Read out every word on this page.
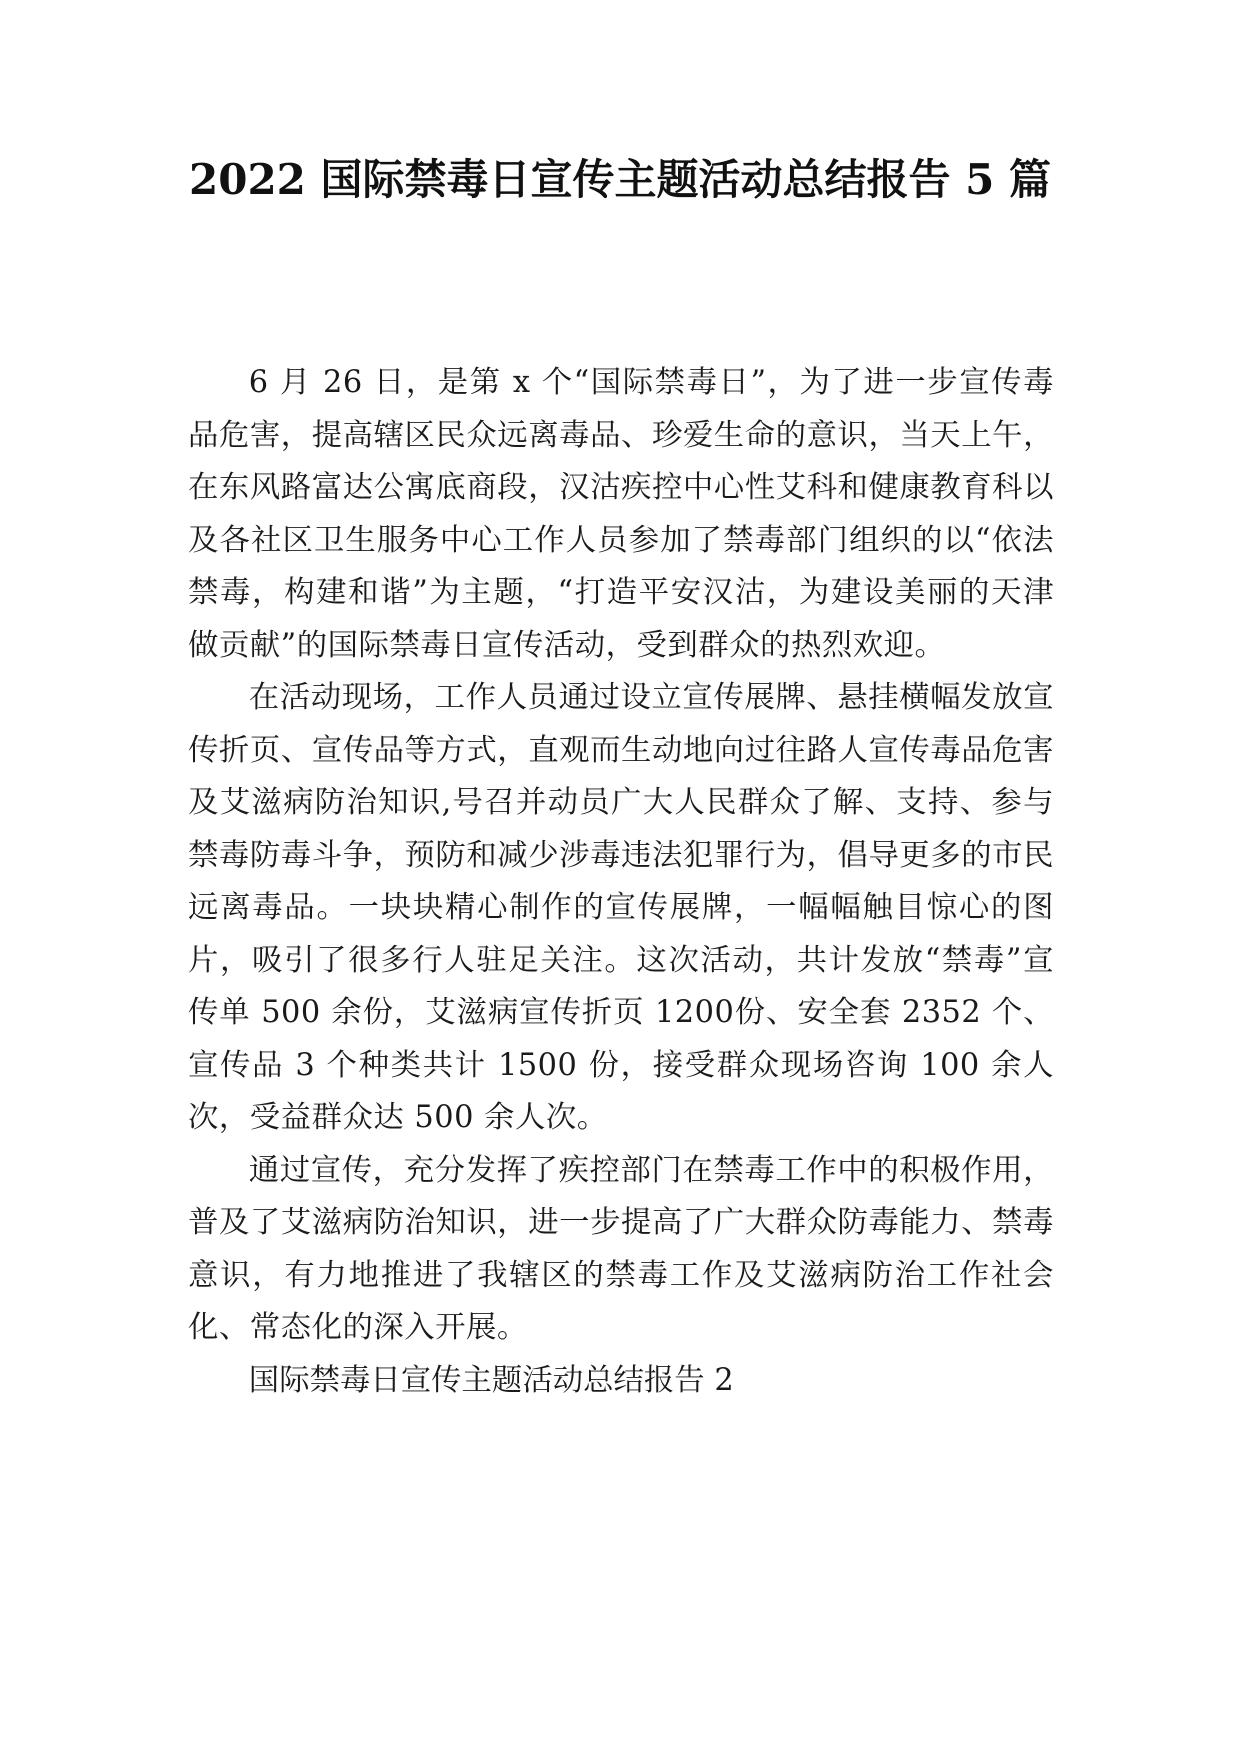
2022 国际禁毒日宣传主题活动总结报告 5 篇

6 月 26 日，是第 x 个“国际禁毒日”，为了进一步宣传毒品危害，提高辖区民众远离毒品、珍爱生命的意识，当天上午，在东风路富达公寓底商段，汉沽疾控中心性艾科和健康教育科以及各社区卫生服务中心工作人员参加了禁毒部门组织的以“依法禁毒，构建和谐”为主题，“打造平安汉沽，为建设美丽的天津做贡献”的国际禁毒日宣传活动，受到群众的热烈欢迎。

在活动现场，工作人员通过设立宣传展牌、悬挂横幅发放宣传折页、宣传品等方式，直观而生动地向过往路人宣传毒品危害及艾滋病防治知识,号召并动员广大人民群众了解、支持、参与禁毒防毒斗争，预防和减少涉毒违法犯罪行为，倡导更多的市民远离毒品。一块块精心制作的宣传展牌，一幅幅触目惊心的图片，吸引了很多行人驻足关注。这次活动，共计发放“禁毒”宣传单 500 余份，艾滋病宣传折页 1200份、安全套 2352 个、宣传品 3 个种类共计 1500 份，接受群众现场咨询 100 余人次，受益群众达 500 余人次。

通过宣传，充分发挥了疾控部门在禁毒工作中的积极作用，普及了艾滋病防治知识，进一步提高了广大群众防毒能力、禁毒意识，有力地推进了我辖区的禁毒工作及艾滋病防治工作社会化、常态化的深入开展。

国际禁毒日宣传主题活动总结报告 2
